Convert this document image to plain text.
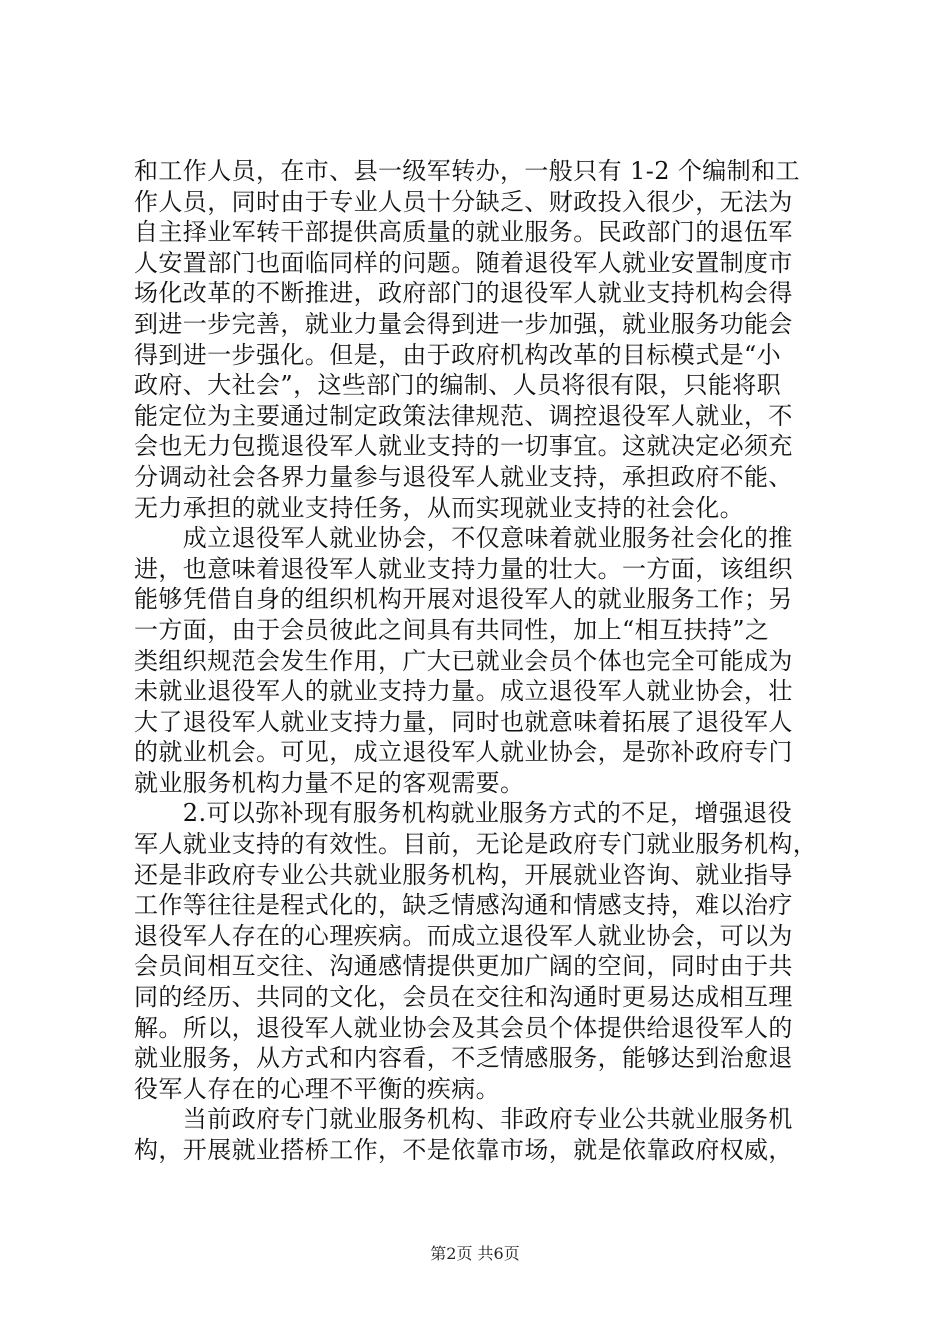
和工作人员，在市、县一级军转办，一般只有 1-2 个编制和工
作人员，同时由于专业人员十分缺乏、财政投入很少，无法为
自主择业军转干部提供高质量的就业服务。民政部门的退伍军
人安置部门也面临同样的问题。随着退役军人就业安置制度市
场化改革的不断推进，政府部门的退役军人就业支持机构会得
到进一步完善，就业力量会得到进一步加强，就业服务功能会
得到进一步强化。但是，由于政府机构改革的目标模式是“小
政府、大社会”，这些部门的编制、人员将很有限，只能将职
能定位为主要通过制定政策法律规范、调控退役军人就业，不
会也无力包揽退役军人就业支持的一切事宜。这就决定必须充
分调动社会各界力量参与退役军人就业支持，承担政府不能、
无力承担的就业支持任务，从而实现就业支持的社会化。
　　成立退役军人就业协会，不仅意味着就业服务社会化的推
进，也意味着退役军人就业支持力量的壮大。一方面，该组织
能够凭借自身的组织机构开展对退役军人的就业服务工作；另
一方面，由于会员彼此之间具有共同性，加上“相互扶持”之
类组织规范会发生作用，广大已就业会员个体也完全可能成为
未就业退役军人的就业支持力量。成立退役军人就业协会，壮
大了退役军人就业支持力量，同时也就意味着拓展了退役军人
的就业机会。可见，成立退役军人就业协会，是弥补政府专门
就业服务机构力量不足的客观需要。
　　2.可以弥补现有服务机构就业服务方式的不足，增强退役
军人就业支持的有效性。目前，无论是政府专门就业服务机构，
还是非政府专业公共就业服务机构，开展就业咨询、就业指导
工作等往往是程式化的，缺乏情感沟通和情感支持，难以治疗
退役军人存在的心理疾病。而成立退役军人就业协会，可以为
会员间相互交往、沟通感情提供更加广阔的空间，同时由于共
同的经历、共同的文化，会员在交往和沟通时更易达成相互理
解。所以，退役军人就业协会及其会员个体提供给退役军人的
就业服务，从方式和内容看，不乏情感服务，能够达到治愈退
役军人存在的心理不平衡的疾病。
　　当前政府专门就业服务机构、非政府专业公共就业服务机
构，开展就业搭桥工作，不是依靠市场，就是依靠政府权威，
第2页 共6页
